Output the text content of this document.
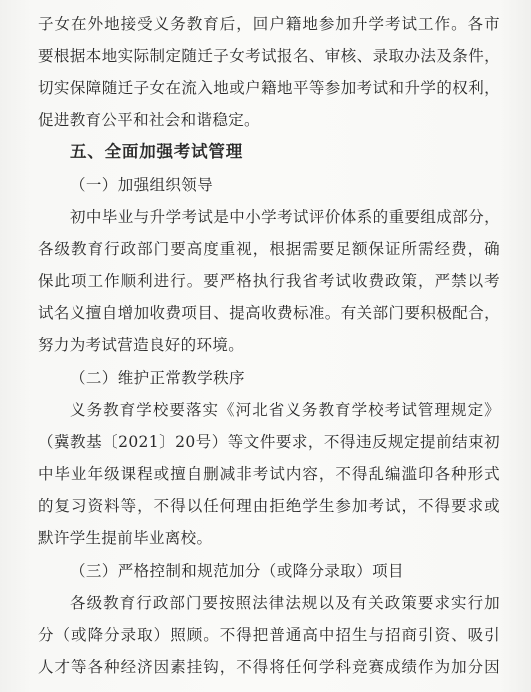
子女在外地接受义务教育后，回户籍地参加升学考试工作。各市
要根据本地实际制定随迁子女考试报名、审核、录取办法及条件，
切实保障随迁子女在流入地或户籍地平等参加考试和升学的权利，
促进教育公平和社会和谐稳定。
五、全面加强考试管理
（一）加强组织领导
初中毕业与升学考试是中小学考试评价体系的重要组成部分，
各级教育行政部门要高度重视，根据需要足额保证所需经费，确
保此项工作顺利进行。要严格执行我省考试收费政策，严禁以考
试名义擅自增加收费项目、提高收费标准。有关部门要积极配合，
努力为考试营造良好的环境。
（二）维护正常教学秩序
义务教育学校要落实《河北省义务教育学校考试管理规定》
（冀教基〔2021〕20号）等文件要求，不得违反规定提前结束初
中毕业年级课程或擅自删减非考试内容，不得乱编滥印各种形式
的复习资料等，不得以任何理由拒绝学生参加考试，不得要求或
默许学生提前毕业离校。
（三）严格控制和规范加分（或降分录取）项目
各级教育行政部门要按照法律法规以及有关政策要求实行加
分（或降分录取）照顾。不得把普通高中招生与招商引资、吸引
人才等各种经济因素挂钩，不得将任何学科竞赛成绩作为加分因
